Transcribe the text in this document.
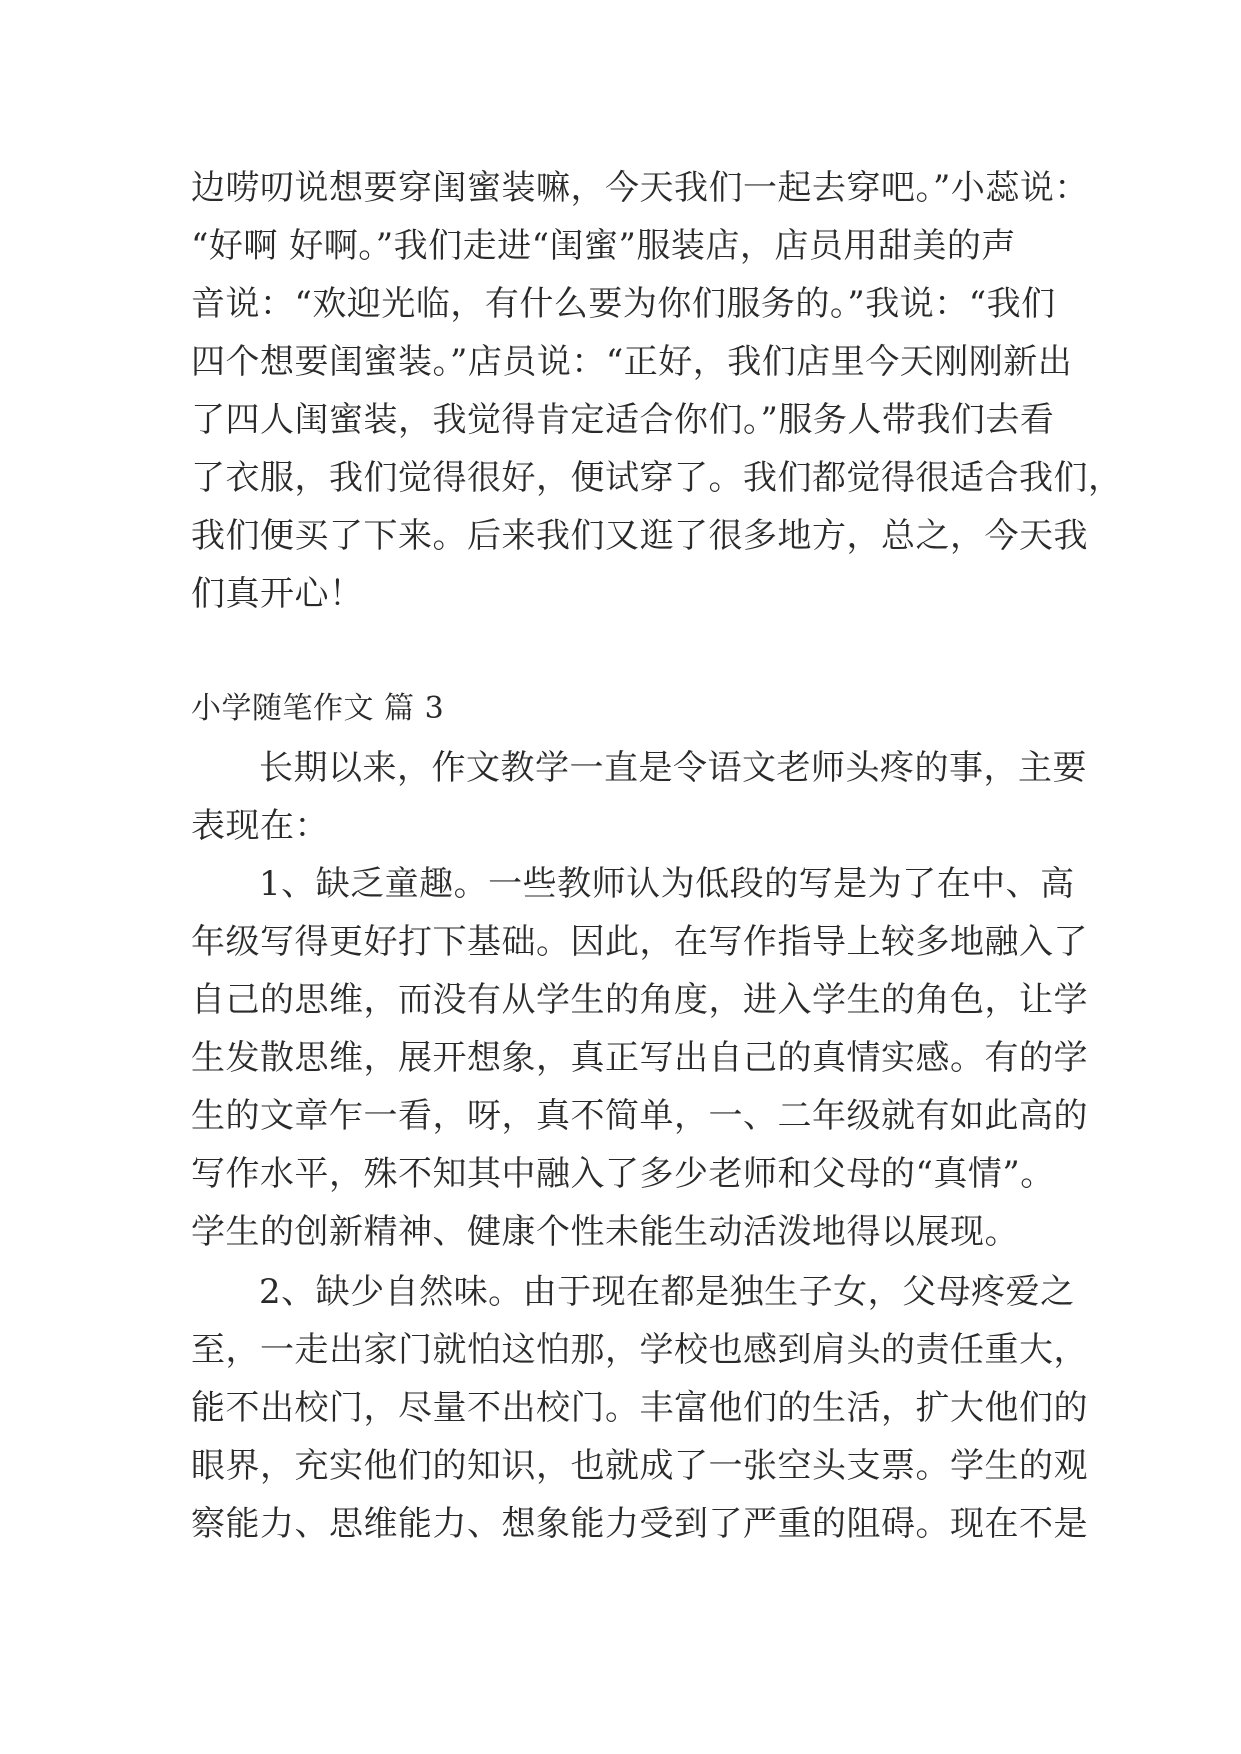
边唠叨说想要穿闺蜜装嘛，今天我们一起去穿吧。”小蕊说：
“好啊 好啊。”我们走进“闺蜜”服装店，店员用甜美的声
音说：“欢迎光临，有什么要为你们服务的。”我说：“我们
四个想要闺蜜装。”店员说：“正好，我们店里今天刚刚新出
了四人闺蜜装，我觉得肯定适合你们。”服务人带我们去看
了衣服，我们觉得很好，便试穿了。我们都觉得很适合我们，
我们便买了下来。后来我们又逛了很多地方，总之，今天我
们真开心！
小学随笔作文 篇 3
长期以来，作文教学一直是令语文老师头疼的事，主要
表现在：
1、缺乏童趣。一些教师认为低段的写是为了在中、高
年级写得更好打下基础。因此，在写作指导上较多地融入了
自己的思维，而没有从学生的角度，进入学生的角色，让学
生发散思维，展开想象，真正写出自己的真情实感。有的学
生的文章乍一看，呀，真不简单，一、二年级就有如此高的
写作水平，殊不知其中融入了多少老师和父母的“真情”。
学生的创新精神、健康个性未能生动活泼地得以展现。
2、缺少自然味。由于现在都是独生子女，父母疼爱之
至，一走出家门就怕这怕那，学校也感到肩头的责任重大，
能不出校门，尽量不出校门。丰富他们的生活，扩大他们的
眼界，充实他们的知识，也就成了一张空头支票。学生的观
察能力、思维能力、想象能力受到了严重的阻碍。现在不是
